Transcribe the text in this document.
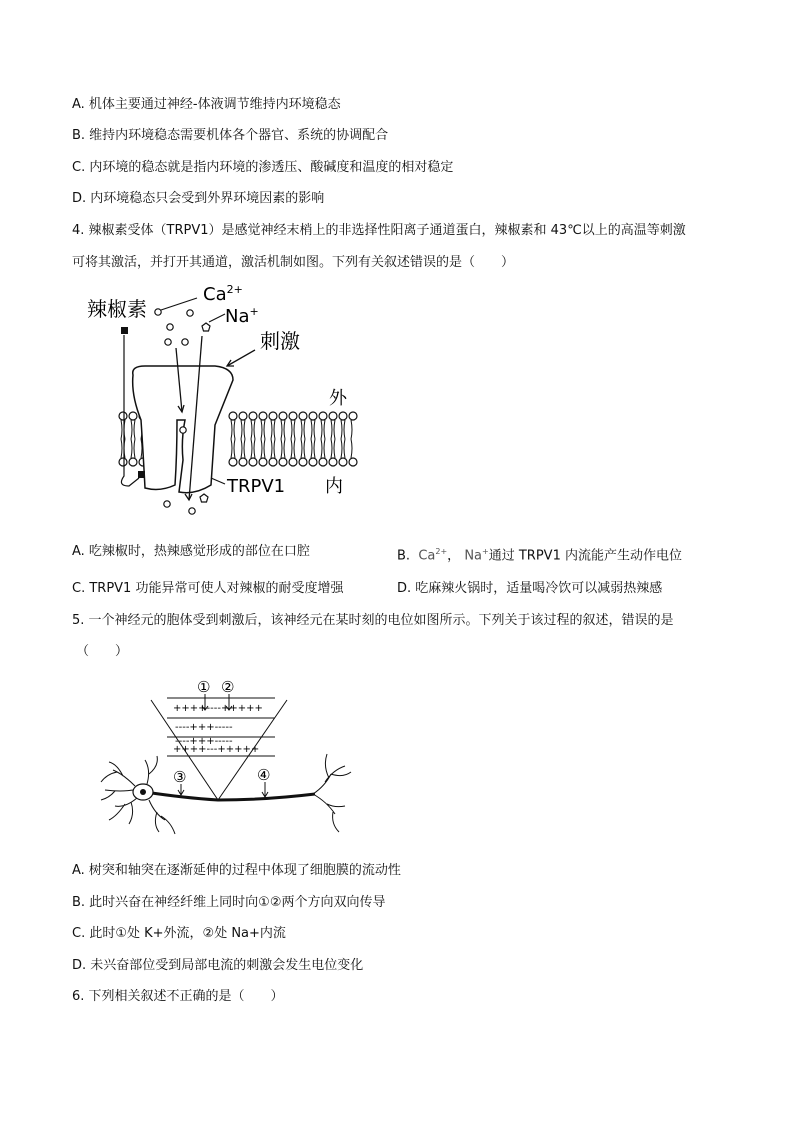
A. 机体主要通过神经-体液调节维持内环境稳态
B. 维持内环境稳态需要机体各个器官、系统的协调配合
C. 内环境的稳态就是指内环境的渗透压、酸碱度和温度的相对稳定
D. 内环境稳态只会受到外界环境因素的影响
4. 辣椒素受体（TRPV1）是感觉神经末梢上的非选择性阳离子通道蛋白，辣椒素和 43℃以上的高温等刺激
可将其激活，并打开其通道，激活机制如图。下列有关叙述错误的是（　　）
辣椒素
$Ca^{2+}$
Na+
刺激
外
TRPV1 内
A. 吃辣椒时，热辣感觉形成的部位在口腔	B. $Ca^{2+}$， Na+通过 TRPV1 内流能产生动作电位
C. TRPV1 功能异常可使人对辣椒的耐受度增强	D. 吃麻辣火锅时，适量喝冷饮可以减弱热辣感
5. 一个神经元的胞体受到刺激后，该神经元在某时刻的电位如图所示。下列关于该过程的叙述，错误的是
（　　）
① ②
++++----+++++
----+++-----
----+++-----
++++---+++++
③	④
A. 树突和轴突在逐渐延伸的过程中体现了细胞膜的流动性
B. 此时兴奋在神经纤维上同时向①②两个方向双向传导
C. 此时①处 K+外流，②处 Na+内流
D. 未兴奋部位受到局部电流的刺激会发生电位变化
6. 下列相关叙述不正确的是（　　）
